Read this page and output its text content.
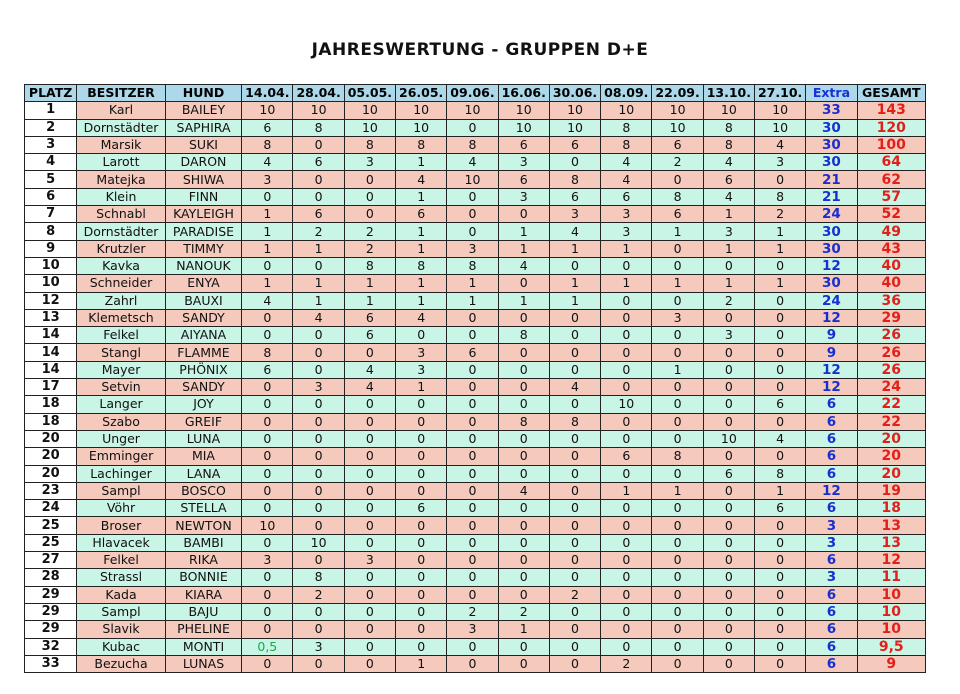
JAHRESWERTUNG - GRUPPEN D+E
PLATZ	BESITZER	HUND	14.04.	28.04.	05.05.	26.05.	09.06.	16.06.	30.06.	08.09.	22.09.	13.10.	27.10.	Extra	GESAMT
1	Karl	BAILEY	10	10	10	10	10	10	10	10	10	10	10	33	143
2	Dornstädter	SAPHIRA	6	8	10	10	0	10	10	8	10	8	10	30	120
3	Marsik	SUKI	8	0	8	8	8	6	6	8	6	8	4	30	100
4	Larott	DARON	4	6	3	1	4	3	0	4	2	4	3	30	64
5	Matejka	SHIWA	3	0	0	4	10	6	8	4	0	6	0	21	62
6	Klein	FINN	0	0	0	1	0	3	6	6	8	4	8	21	57
7	Schnabl	KAYLEIGH	1	6	0	6	0	0	3	3	6	1	2	24	52
8	Dornstädter	PARADISE	1	2	2	1	0	1	4	3	1	3	1	30	49
9	Krutzler	TIMMY	1	1	2	1	3	1	1	1	0	1	1	30	43
10	Kavka	NANOUK	0	0	8	8	8	4	0	0	0	0	0	12	40
10	Schneider	ENYA	1	1	1	1	1	0	1	1	1	1	1	30	40
12	Zahrl	BAUXI	4	1	1	1	1	1	1	0	0	2	0	24	36
13	Klemetsch	SANDY	0	4	6	4	0	0	0	0	3	0	0	12	29
14	Felkel	AIYANA	0	0	6	0	0	8	0	0	0	3	0	9	26
14	Stangl	FLAMME	8	0	0	3	6	0	0	0	0	0	0	9	26
14	Mayer	PHÖNIX	6	0	4	3	0	0	0	0	1	0	0	12	26
17	Setvin	SANDY	0	3	4	1	0	0	4	0	0	0	0	12	24
18	Langer	JOY	0	0	0	0	0	0	0	10	0	0	6	6	22
18	Szabo	GREIF	0	0	0	0	0	8	8	0	0	0	0	6	22
20	Unger	LUNA	0	0	0	0	0	0	0	0	0	10	4	6	20
20	Emminger	MIA	0	0	0	0	0	0	0	6	8	0	0	6	20
20	Lachinger	LANA	0	0	0	0	0	0	0	0	0	6	8	6	20
23	Sampl	BOSCO	0	0	0	0	0	4	0	1	1	0	1	12	19
24	Vöhr	STELLA	0	0	0	6	0	0	0	0	0	0	6	6	18
25	Broser	NEWTON	10	0	0	0	0	0	0	0	0	0	0	3	13
25	Hlavacek	BAMBI	0	10	0	0	0	0	0	0	0	0	0	3	13
27	Felkel	RIKA	3	0	3	0	0	0	0	0	0	0	0	6	12
28	Strassl	BONNIE	0	8	0	0	0	0	0	0	0	0	0	3	11
29	Kada	KIARA	0	2	0	0	0	0	2	0	0	0	0	6	10
29	Sampl	BAJU	0	0	0	0	2	2	0	0	0	0	0	6	10
29	Slavik	PHELINE	0	0	0	0	3	1	0	0	0	0	0	6	10
32	Kubac	MONTI	0,5	3	0	0	0	0	0	0	0	0	0	6	9,5
33	Bezucha	LUNAS	0	0	0	1	0	0	0	2	0	0	0	6	9
